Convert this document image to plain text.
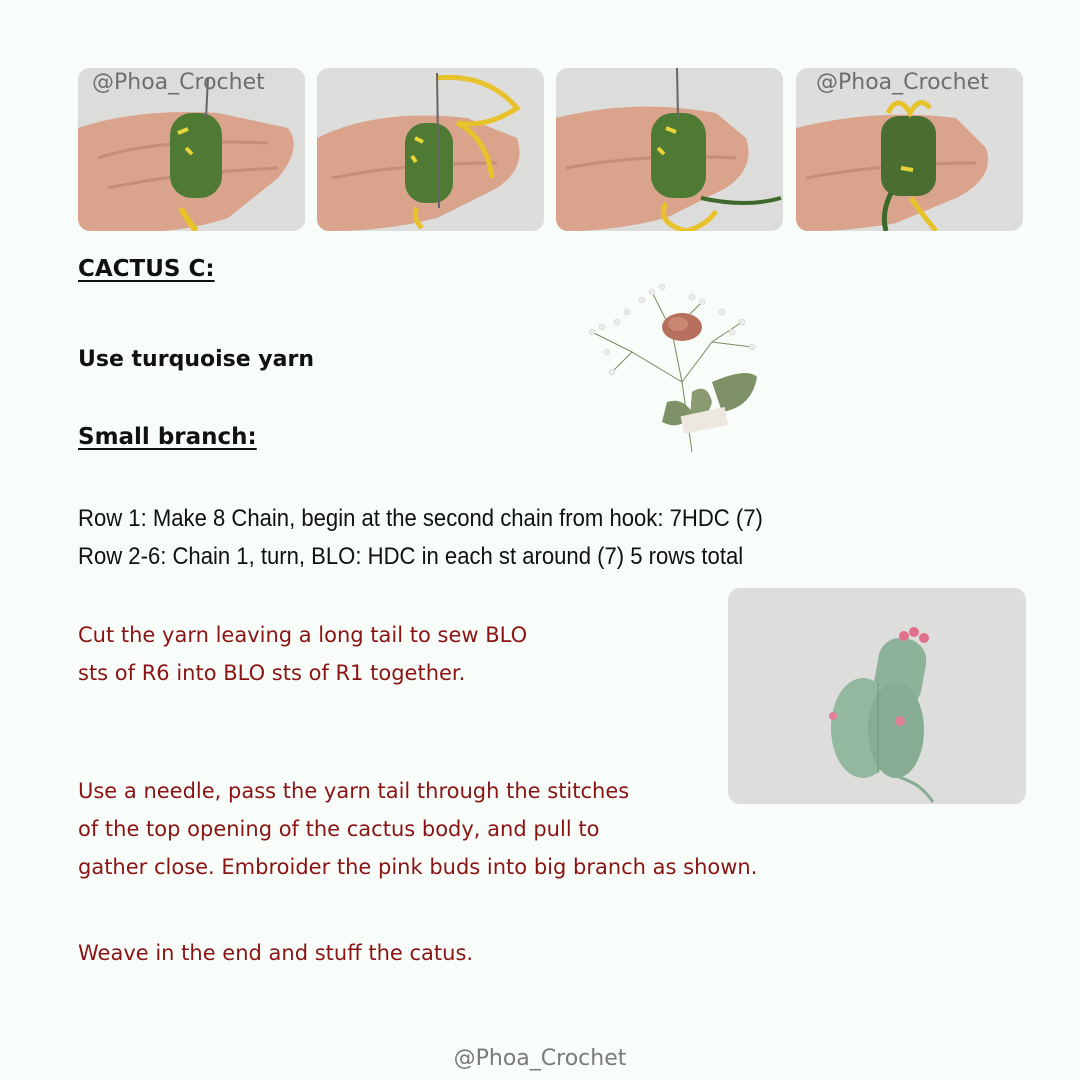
@Phoa_Crochet	@Phoa_Crochet
CACTUS C:
Use turquoise yarn
Small branch:
Row 1: Make 8 Chain, begin at the second chain from hook: 7HDC (7)
Row 2-6: Chain 1, turn, BLO: HDC in each st around (7) 5 rows total
Cut the yarn leaving a long tail to sew BLO
sts of R6 into BLO sts of R1 together.
Use a needle, pass the yarn tail through the stitches
of the top opening of the cactus body, and pull to
gather close. Embroider the pink buds into big branch as shown.
Weave in the end and stuff the catus.
@Phoa_Crochet
